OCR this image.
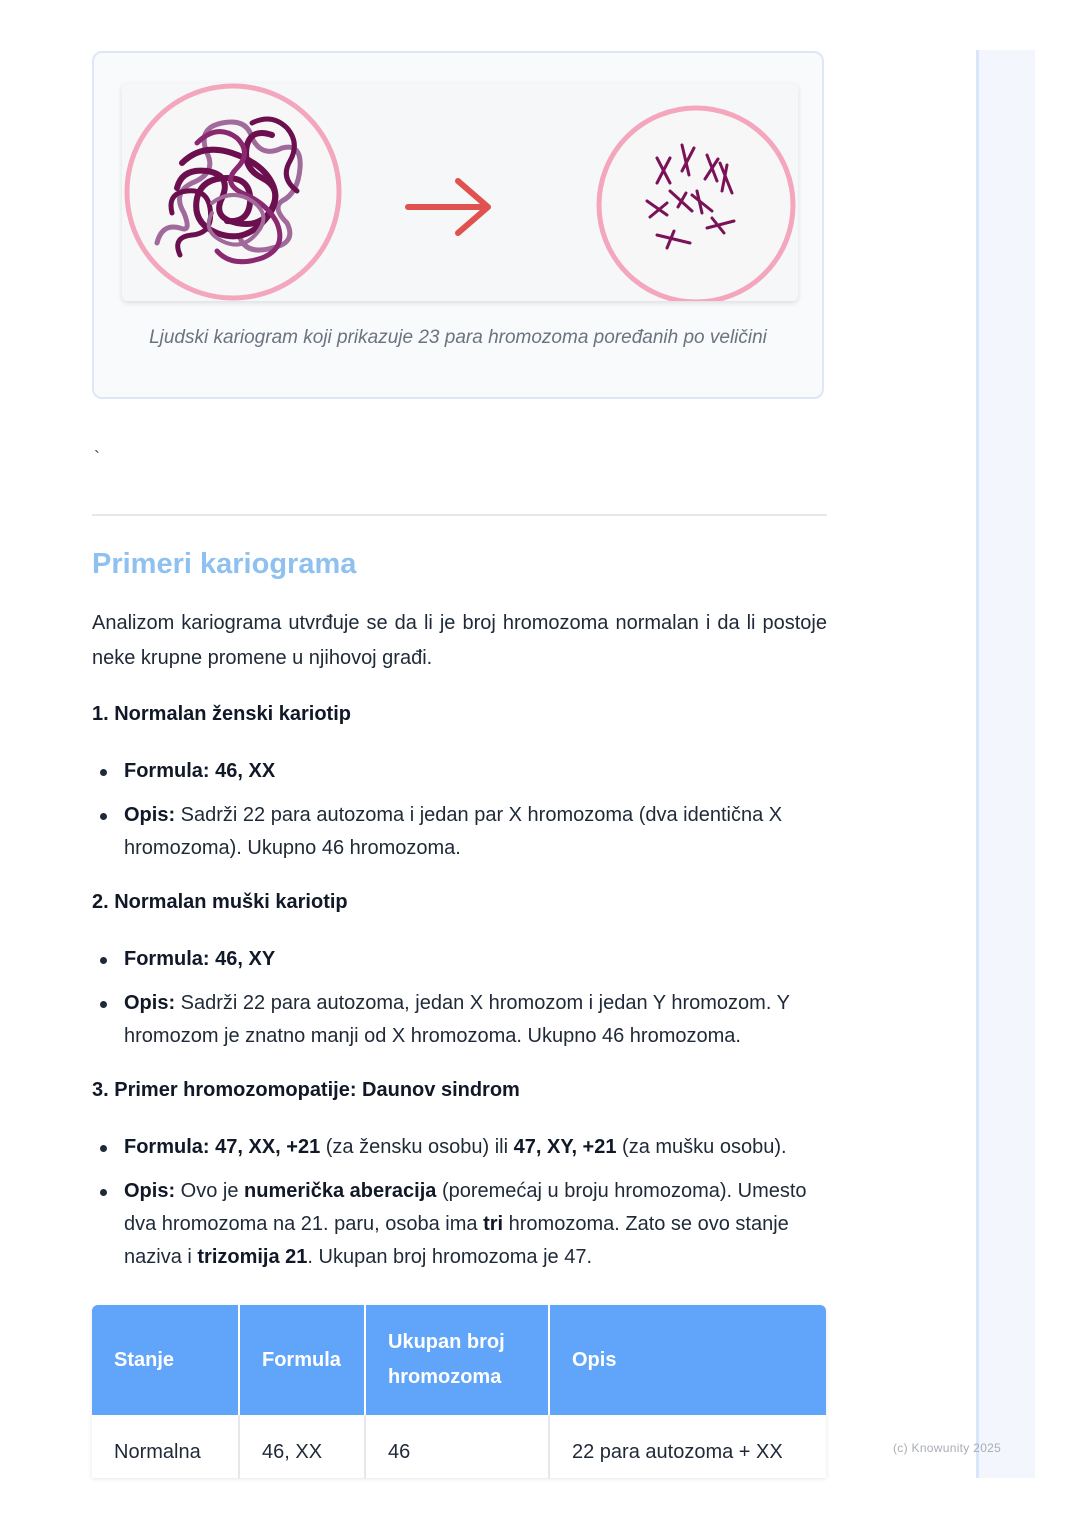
(c) Knowunity 2025
Ljudski kariogram koji prikazuje 23 para hromozoma poređanih po veličini
`
Primeri kariograma

Analizom kariograma utvrđuje se da li je broj hromozoma normalan i da li postoje neke krupne promene u njihovoj građi.

1. Normalan ženski kariotip

Formula: 46, XX

Opis: Sadrži 22 para autozoma i jedan par X hromozoma (dva identična X hromozoma). Ukupno 46 hromozoma.

2. Normalan muški kariotip

Formula: 46, XY

Opis: Sadrži 22 para autozoma, jedan X hromozom i jedan Y hromozom. Y hromozom je znatno manji od X hromozoma. Ukupno 46 hromozoma.

3. Primer hromozomopatije: Daunov sindrom

Formula: 47, XX, +21 (za žensku osobu) ili 47, XY, +21 (za mušku osobu).

Opis: Ovo je numerička aberacija (poremećaj u broju hromozoma). Umesto dva hromozoma na 21. paru, osoba ima tri hromozoma. Zato se ovo stanje naziva i trizomija 21. Ukupan broj hromozoma je 47.

Stanje	Formula	Ukupan broj hromozoma	Opis
Normalna	46, XX	46	22 para autozoma + XX
